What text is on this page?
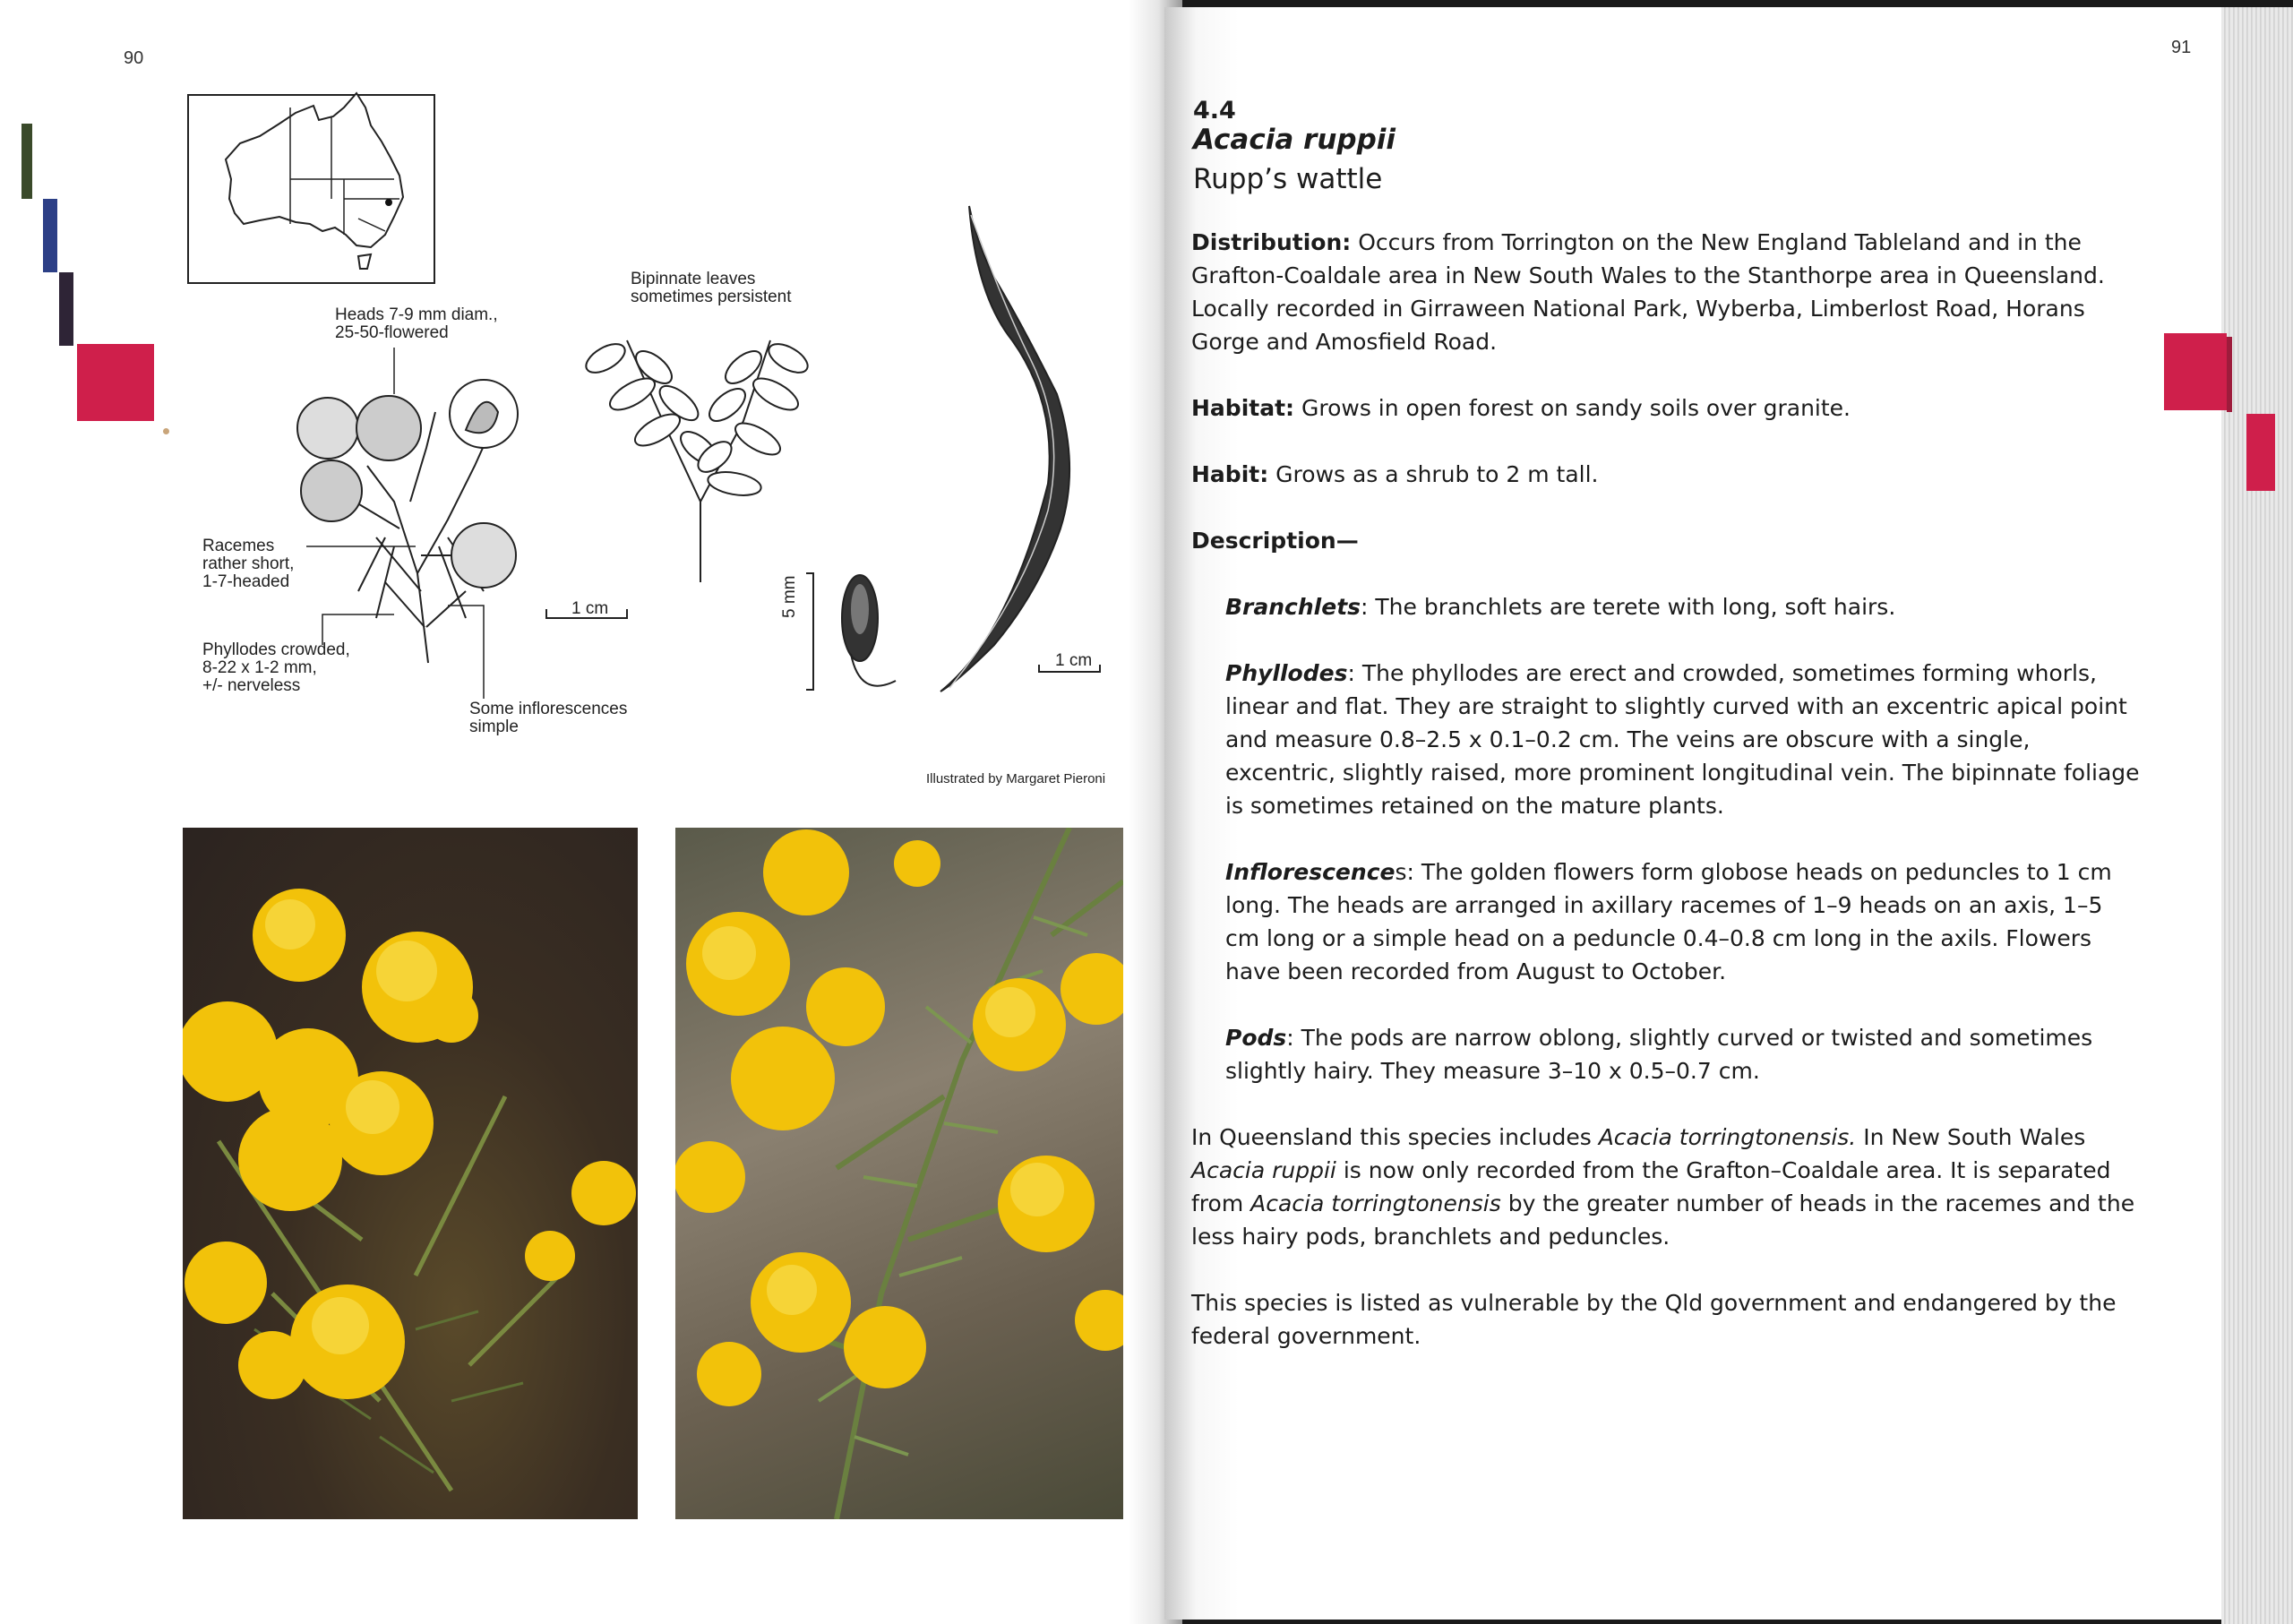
90
Heads 7-9 mm diam.,
25-50-flowered
Bipinnate leaves
sometimes persistent
Racemes
rather short,
1-7-headed
Phyllodes crowded,
8-22 x 1-2 mm,
+/- nerveless
Some inflorescences
simple
1 cm	5 mm
1 cm
Illustrated by Margaret Pieroni
91
4.4
Acacia ruppii
Rupp’s wattle

Distribution: Occurs from Torrington on the New England Tableland and in the Grafton-Coaldale area in New South Wales to the Stanthorpe area in Queensland. Locally recorded in Girraween National Park, Wyberba, Limberlost Road, Horans Gorge and Amosfield Road.

Habitat: Grows in open forest on sandy soils over granite.

Habit: Grows as a shrub to 2 m tall.

Description—

Branchlets: The branchlets are terete with long, soft hairs.

Phyllodes: The phyllodes are erect and crowded, sometimes forming whorls, linear and flat. They are straight to slightly curved with an excentric apical point and measure 0.8–2.5 x 0.1–0.2 cm. The veins are obscure with a single, excentric, slightly raised, more prominent longitudinal vein. The bipinnate foliage is sometimes retained on the mature plants.

Inflorescences: The golden flowers form globose heads on peduncles to 1 cm long. The heads are arranged in axillary racemes of 1–9 heads on an axis, 1–5 cm long or a simple head on a peduncle 0.4–0.8 cm long in the axils. Flowers have been recorded from August to October.

Pods: The pods are narrow oblong, slightly curved or twisted and sometimes slightly hairy. They measure 3–10 x 0.5–0.7 cm.

In Queensland this species includes Acacia torringtonensis. In New South Wales Acacia ruppii is now only recorded from the Grafton–Coaldale area. It is separated from Acacia torringtonensis by the greater number of heads in the racemes and the less hairy pods, branchlets and peduncles.

This species is listed as vulnerable by the Qld government and endangered by the federal government.
